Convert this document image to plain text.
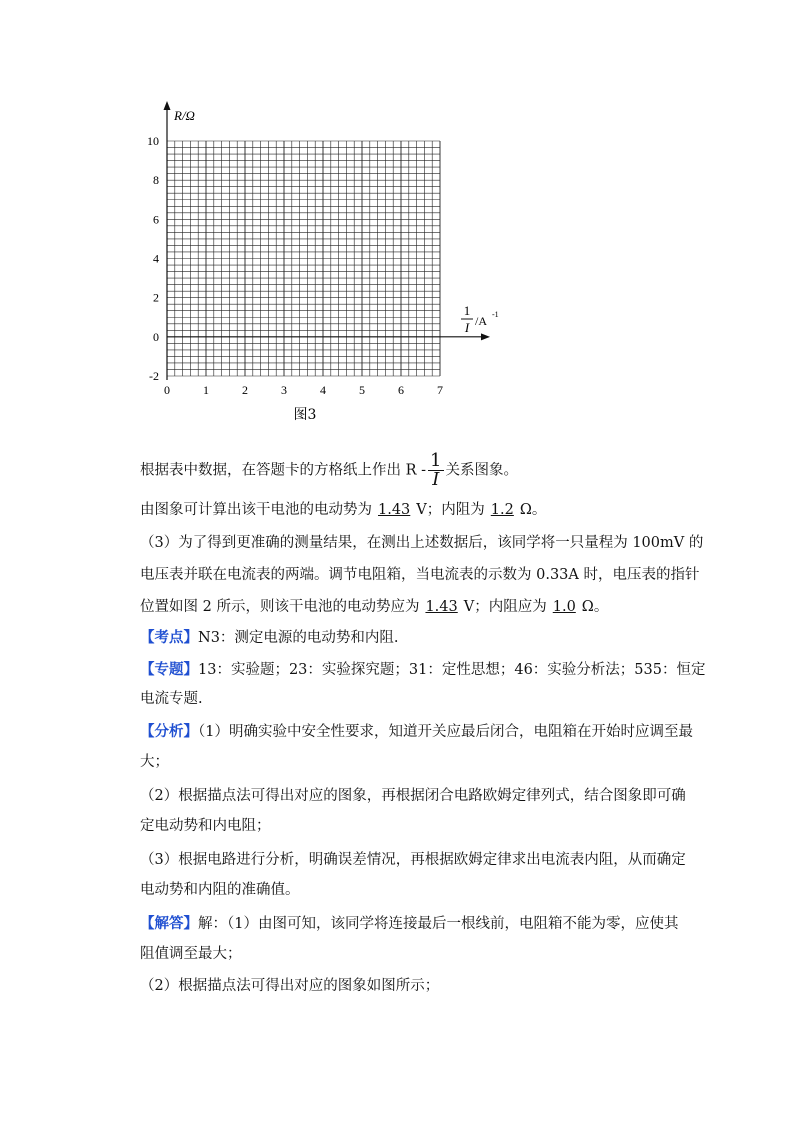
-2
0
2
4
6
8
10
0	1	2	3	4	5	6	7
R/Ω
1
I /A -1
图3
根据表中数据，在答题卡的方格纸上作出 R - $\frac{1}{I}$ 关系图象。
由图象可计算出该干电池的电动势为 1.43 V；内阻为 1.2 Ω。
（3）为了得到更准确的测量结果，在测出上述数据后，该同学将一只量程为 100mV 的
电压表并联在电流表的两端。调节电阻箱，当电流表的示数为 0.33A 时，电压表的指针
位置如图 2 所示，则该干电池的电动势应为 1.43 V；内阻应为 1.0 Ω。
【考点】N3：测定电源的电动势和内阻.
【专题】13：实验题；23：实验探究题；31：定性思想；46：实验分析法；535：恒定
电流专题.
【分析】（1）明确实验中安全性要求，知道开关应最后闭合，电阻箱在开始时应调至最
大；
（2）根据描点法可得出对应的图象，再根据闭合电路欧姆定律列式，结合图象即可确
定电动势和内电阻；
（3）根据电路进行分析，明确误差情况，再根据欧姆定律求出电流表内阻，从而确定
电动势和内阻的准确值。
【解答】解：（1）由图可知，该同学将连接最后一根线前，电阻箱不能为零，应使其
阻值调至最大；
（2）根据描点法可得出对应的图象如图所示；
